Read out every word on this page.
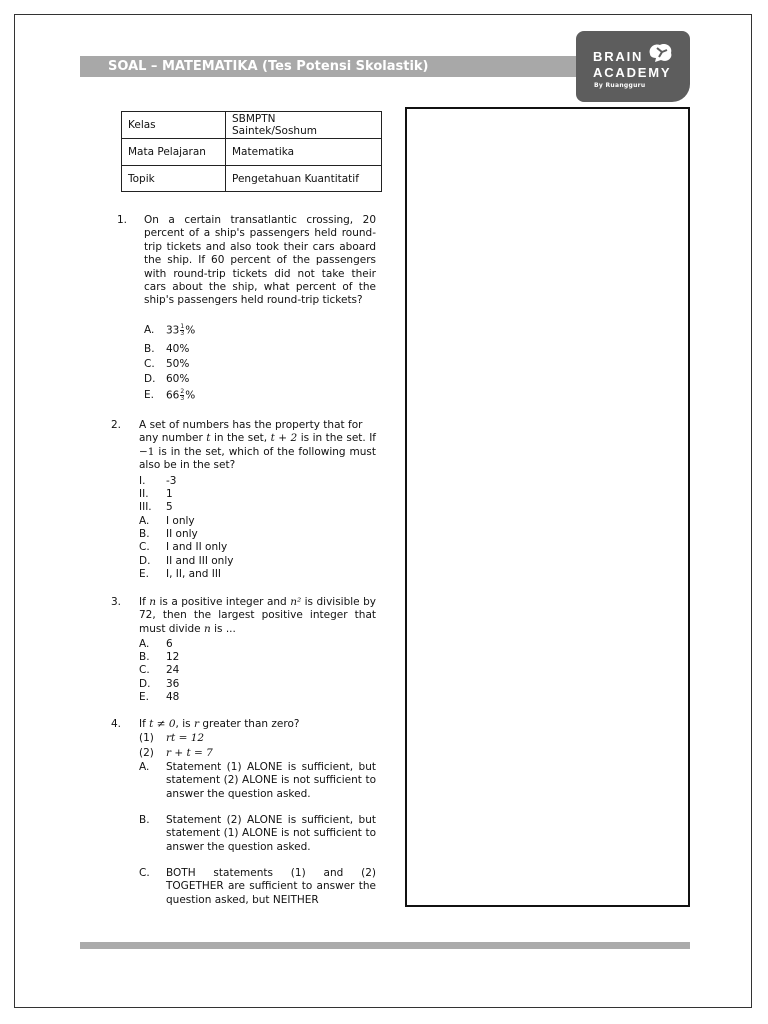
SOAL – MATEMATIKA (Tes Potensi Skolastik)
BRAIN
ACADEMY
By Ruangguru
Kelas	SBMPTN
Saintek/Soshum

Mata Pelajaran	Matematika
Topik	Pengetahuan Kuantitatif
1.	On a certain transatlantic crossing, 20 percent of a ship's passengers held round-trip tickets and also took their cars aboard the ship. If 60 percent of the passengers with round-trip tickets did not take their cars about the ship, what percent of the ship's passengers held round-trip tickets?
A. $33 \frac{1}{3}$ %
B. 40%
C. 50%
D. 60%
E. $66 \frac{2}{3}$ %
2.	A set of numbers has the property that for     any number t in the set, t + 2 is in the set. If −1 is in the set, which of the following must also be in the set?
I. -3
II. 1
III. 5
A. I only
B. II only
C. I and II only
D. II and III only
E. I, II, and III
3.	If n is a positive integer and n² is divisible by 72, then the largest positive integer that must divide n is ...
A. 6
B. 12
C. 24
D. 36
E. 48
4.	If t ≠ 0, is r greater than zero?
(1) rt = 12
(2) r + t = 7
A. Statement (1) ALONE is sufficient, but statement (2) ALONE is not sufficient to answer the question asked.
B. Statement (2) ALONE is sufficient, but statement (1) ALONE is not sufficient to answer the question asked.
C. BOTH statements (1) and (2) TOGETHER are sufficient to answer the question asked, but NEITHER
